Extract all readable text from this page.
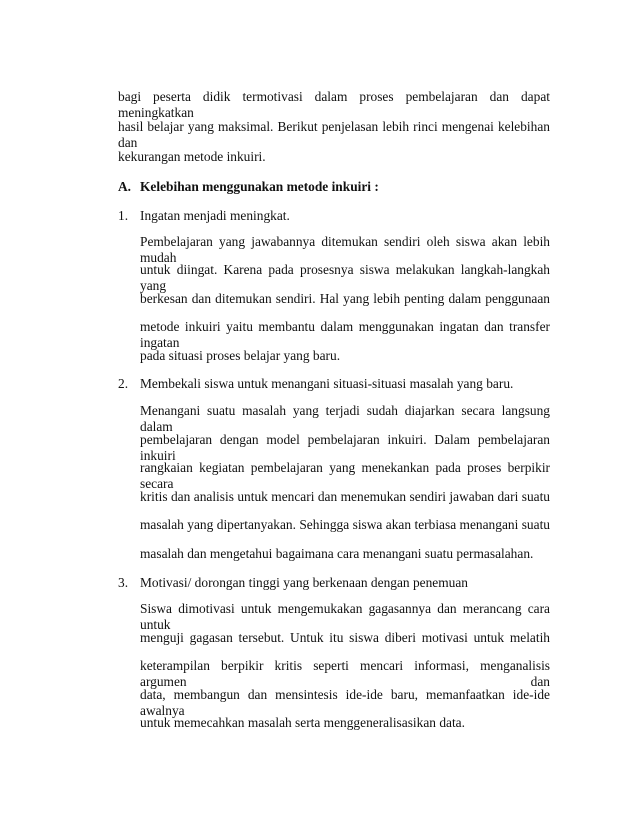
bagi peserta didik termotivasi dalam proses pembelajaran dan dapat meningkatkan
hasil belajar yang maksimal. Berikut penjelasan lebih rinci mengenai kelebihan dan
kekurangan metode inkuiri.
A. Kelebihan menggunakan metode inkuiri :
1. Ingatan menjadi meningkat.
Pembelajaran yang jawabannya ditemukan sendiri oleh siswa akan lebih mudah
untuk diingat. Karena pada prosesnya siswa melakukan langkah-langkah yang
berkesan dan ditemukan sendiri. Hal yang lebih penting dalam penggunaan
metode inkuiri yaitu membantu dalam menggunakan ingatan dan transfer ingatan
pada situasi proses belajar yang baru.
2. Membekali siswa untuk menangani situasi-situasi masalah yang baru.
Menangani suatu masalah yang terjadi sudah diajarkan secara langsung dalam
pembelajaran dengan model pembelajaran inkuiri. Dalam pembelajaran inkuiri
rangkaian kegiatan pembelajaran yang menekankan pada proses berpikir secara
kritis dan analisis untuk mencari dan menemukan sendiri jawaban dari suatu
masalah yang dipertanyakan. Sehingga siswa akan terbiasa menangani suatu
masalah dan mengetahui bagaimana cara menangani suatu permasalahan.
3. Motivasi/ dorongan tinggi yang berkenaan dengan penemuan
Siswa dimotivasi untuk mengemukakan gagasannya dan merancang cara untuk
menguji gagasan tersebut. Untuk itu siswa diberi motivasi untuk melatih
keterampilan berpikir kritis seperti mencari informasi, menganalisis argumen dan
data, membangun dan mensintesis ide-ide baru, memanfaatkan ide-ide awalnya
untuk memecahkan masalah serta menggeneralisasikan data.
